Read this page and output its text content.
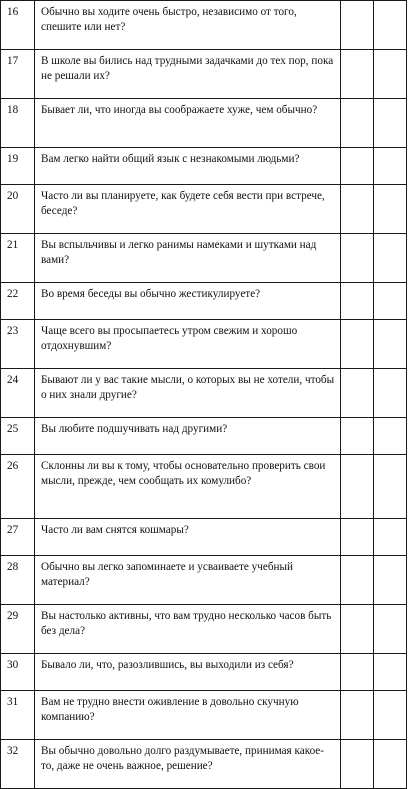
16	Обычно вы ходите очень быстро, независимо от того, спешите или нет?		
17	В школе вы бились над трудными задачками до тех пор, пока не решали их?		
18	Бывает ли, что иногда вы соображаете хуже, чем обычно?		
19	Вам легко найти общий язык с незнакомыми людьми?		
20	Часто ли вы планируете, как будете себя вести при встрече, беседе?		
21	Вы вспыльчивы и легко ранимы намеками и шутками над вами?		
22	Во время беседы вы обычно жестикулируете?		
23	Чаще всего вы просыпаетесь утром свежим и хорошо отдохнувшим?		
24	Бывают ли у вас такие мысли, о которых вы не хотели, чтобы о них знали другие?		
25	Вы любите подшучивать над другими?		
26	Склонны ли вы к тому, чтобы основательно проверить свои мысли, прежде, чем сообщать их комулибо?		
27	Часто ли вам снятся кошмары?		
28	Обычно вы легко запоминаете и усваиваете учебный материал?		
29	Вы настолько активны, что вам трудно несколько часов быть без дела?		
30	Бывало ли, что, разозлившись, вы выходили из себя?		
31	Вам не трудно внести оживление в довольно скучную компанию?		
32	Вы обычно довольно долго раздумываете, принимая какое-то, даже не очень важное, решение?		
